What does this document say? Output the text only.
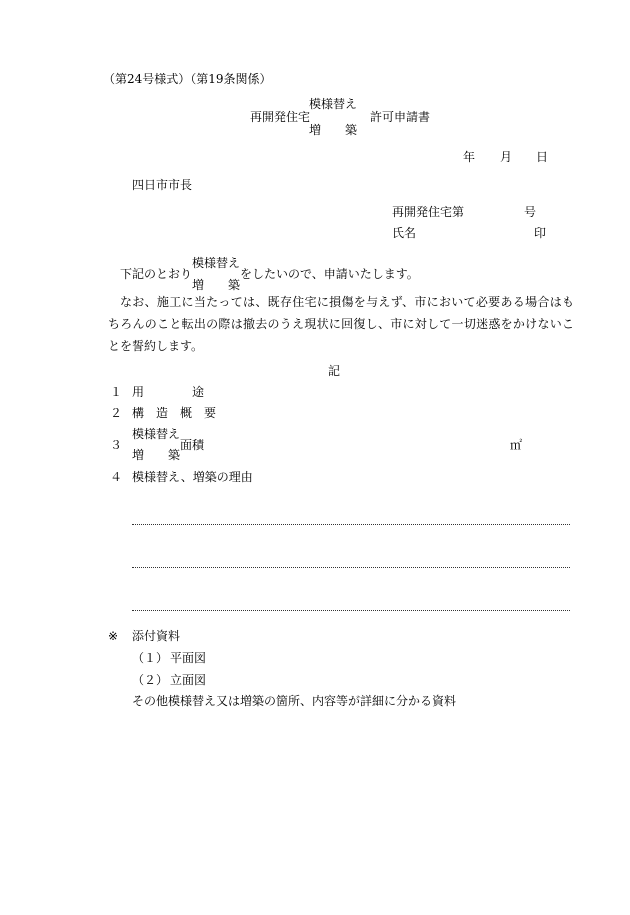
（第24号様式）（第19条関係）
模様替え
再開発住宅	許可申請書
増　　築
年 月 日
四日市市長
再開発住宅第	号
氏名	印
下記のとおり
模様替え
増　　築
をしたいので、申請いたします。
なお、施工に当たっては、既存住宅に損傷を与えず、市において必要ある場合はもちろんのこと転出の際は撤去のうえ現状に回復し、市に対して一切迷惑をかけないことを誓約します。
記
１ 用　　　　途
２ 構　造　概　要
３
模様替え
増　　築
面積	㎡
４ 模様替え、増築の理由
※ 添付資料
（１） 平面図
（２） 立面図
その他模様替え又は増築の箇所、内容等が詳細に分かる資料
